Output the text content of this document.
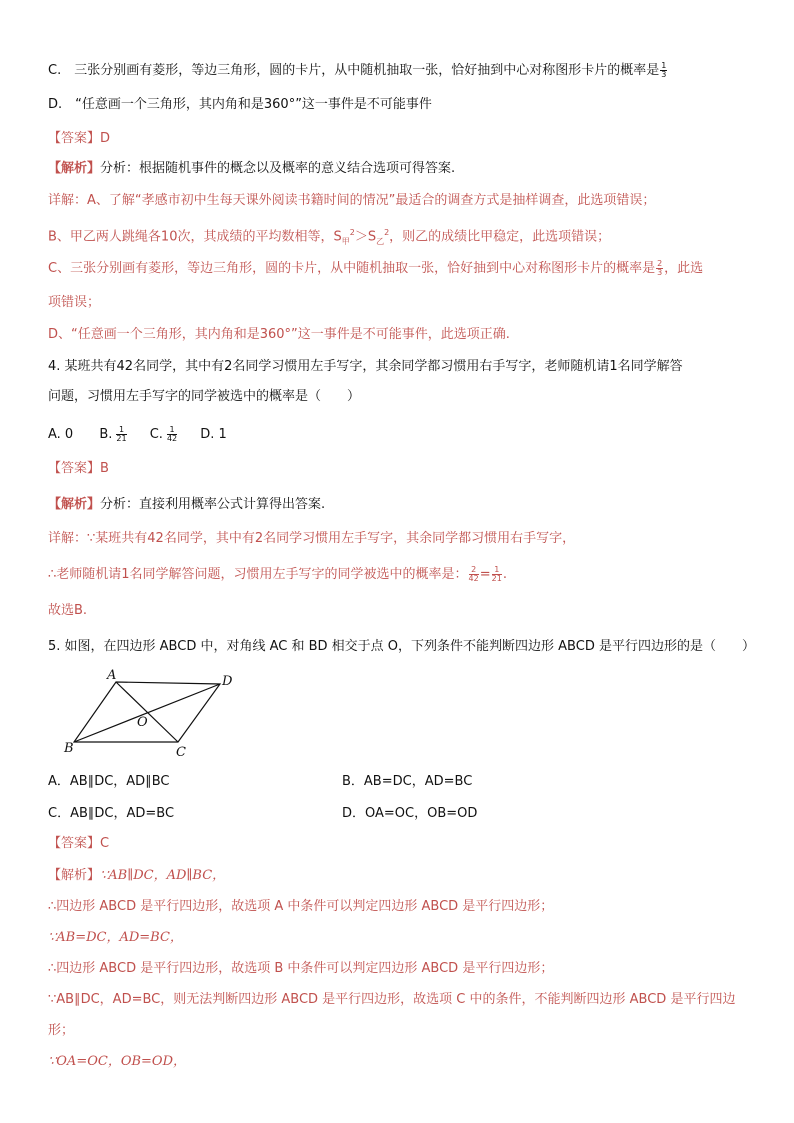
C.　三张分别画有菱形，等边三角形，圆的卡片，从中随机抽取一张，恰好抽到中心对称图形卡片的概率是 $\frac{1}{3}$
D.　“任意画一个三角形，其内角和是360°”这一事件是不可能事件
【答案】D
【解析】分析：根据随机事件的概念以及概率的意义结合选项可得答案.
详解：A、了解“孝感市初中生每天课外阅读书籍时间的情况”最适合的调查方式是抽样调查，此选项错误；
B、甲乙两人跳绳各10次，其成绩的平均数相等，$S_甲^2>S_乙^2$，则乙的成绩比甲稳定，此选项错误；
C、三张分别画有菱形，等边三角形，圆的卡片，从中随机抽取一张，恰好抽到中心对称图形卡片的概率是 $\frac{2}{3}$ ，此选
项错误；
D、“任意画一个三角形，其内角和是360°”这一事件是不可能事件，此选项正确.
4. 某班共有42名同学，其中有2名同学习惯用左手写字，其余同学都习惯用右手写字，老师随机请1名同学解答
问题，习惯用左手写字的同学被选中的概率是（　　）
A. 0 B. $\frac{1}{21} C$. $\frac{1}{42} D$. 1
【答案】B
【解析】分析：直接利用概率公式计算得出答案.
详解：∵某班共有42名同学，其中有2名同学习惯用左手写字，其余同学都习惯用右手写字，
∴老师随机请1名同学解答问题，习惯用左手写字的同学被选中的概率是： $\frac{2}{42} = \frac{1}{21}$ .
故选B.
5. 如图，在四边形 ABCD 中，对角线 AC 和 BD 相交于点 O，下列条件不能判断四边形 ABCD 是平行四边形的是（　　）
A	D
C
B
O
A．AB∥DC，AD∥BC	B．AB=DC，AD=BC
C．AB∥DC，AD=BC	D．OA=OC，OB=OD
【答案】C
【解析】∵AB∥DC，AD∥BC，
∴四边形 ABCD 是平行四边形，故选项 A 中条件可以判定四边形 ABCD 是平行四边形；
∵AB=DC，AD=BC，
∴四边形 ABCD 是平行四边形，故选项 B 中条件可以判定四边形 ABCD 是平行四边形；
∵AB∥DC，AD=BC，则无法判断四边形 ABCD 是平行四边形，故选项 C 中的条件，不能判断四边形 ABCD 是平行四边
形；
∵OA=OC，OB=OD，
